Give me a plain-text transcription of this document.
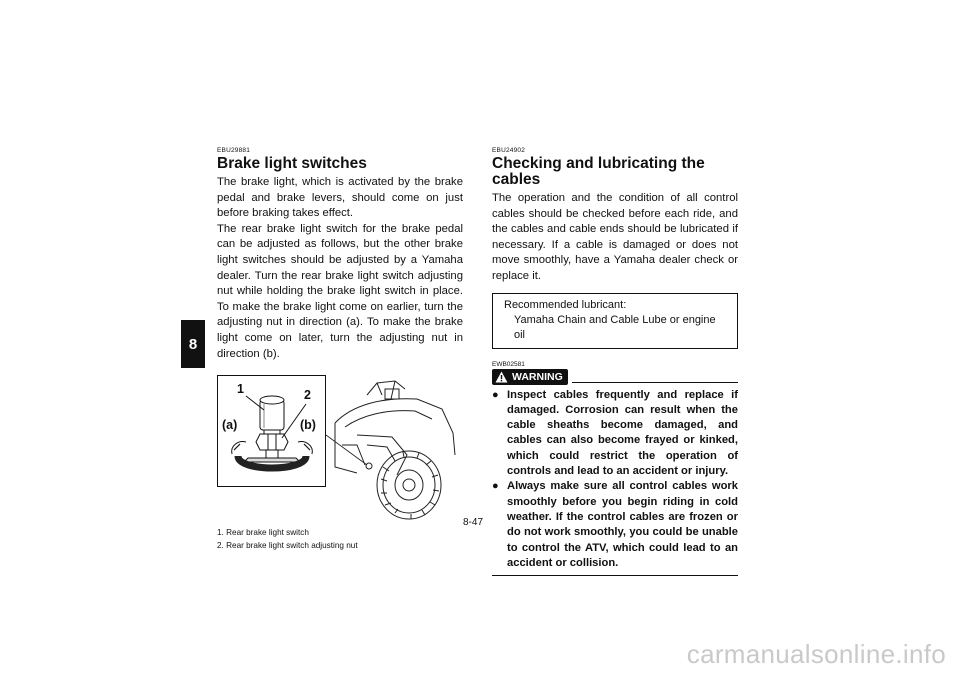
8
EBU29881
Brake light switches

The brake light, which is activated by the brake pedal and brake levers, should come on just before braking takes effect.

The rear brake light switch for the brake pedal can be adjusted as follows, but the other brake light switches should be adjusted by a Yamaha dealer. Turn the rear brake light switch adjusting nut while holding the brake light switch in place. To make the brake light come on earlier, turn the adjusting nut in direction (a). To make the brake light come on later, turn the adjusting nut in direction (b).

1	2
(a)	(b)
1. Rear brake light switch
2. Rear brake light switch adjusting nut
EBU24902
Checking and lubricating the cables

The operation and the condition of all control cables should be checked before each ride, and the cables and cable ends should be lubricated if necessary. If a cable is damaged or does not move smoothly, have a Yamaha dealer check or replace it.

Recommended lubricant:
Yamaha Chain and Cable Lube or engine oil
EWB02581
WARNING
● Inspect cables frequently and replace if damaged. Corrosion can result when the cable sheaths become damaged, and cables can also become frayed or kinked, which could restrict the operation of controls and lead to an accident or injury.
● Always make sure all control cables work smoothly before you begin riding in cold weather. If the control cables are frozen or do not work smoothly, you could be unable to control the ATV, which could lead to an accident or collision.
8-47
carmanualsonline.info
